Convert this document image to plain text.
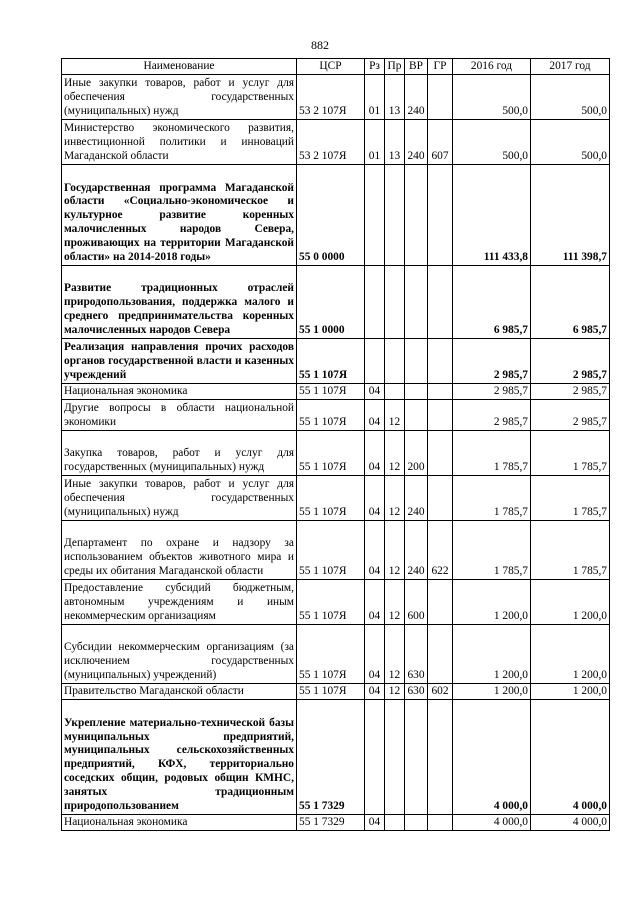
882
Наименование	ЦСР	Рз	Пр	ВР	ГР	2016 год	2017 год
Иные закупки товаров, работ и услуг для обеспечения государственных (муниципальных) нужд	53 2 107Я	01	13	240		500,0	500,0
Министерство экономического развития, инвестиционной политики и инноваций Магаданской области	53 2 107Я	01	13	240	607	500,0	500,0
Государственная программа Магаданской области «Социально-экономическое и культурное развитие коренных малочисленных народов Севера, проживающих на территории Магаданской области» на 2014-2018 годы»	55 0 0000					111 433,8	111 398,7
Развитие традиционных отраслей природопользования, поддержка малого и среднего предпринимательства коренных малочисленных народов Севера	55 1 0000					6 985,7	6 985,7
Реализация направления прочих расходов органов государственной власти и казенных учреждений	55 1 107Я					2 985,7	2 985,7
Национальная экономика	55 1 107Я	04				2 985,7	2 985,7
Другие вопросы в области национальной экономики	55 1 107Я	04	12			2 985,7	2 985,7
Закупка товаров, работ и услуг для государственных (муниципальных) нужд	55 1 107Я	04	12	200		1 785,7	1 785,7
Иные закупки товаров, работ и услуг для обеспечения государственных (муниципальных) нужд	55 1 107Я	04	12	240		1 785,7	1 785,7
Департамент по охране и надзору за использованием объектов животного мира и среды их обитания Магаданской области	55 1 107Я	04	12	240	622	1 785,7	1 785,7
Предоставление субсидий бюджетным, автономным учреждениям и иным некоммерческим организациям	55 1 107Я	04	12	600		1 200,0	1 200,0
Субсидии некоммерческим организациям (за исключением государственных (муниципальных) учреждений)	55 1 107Я	04	12	630		1 200,0	1 200,0
Правительство Магаданской области	55 1 107Я	04	12	630	602	1 200,0	1 200,0
Укрепление материально-технической базы муниципальных предприятий, муниципальных сельскохозяйственных предприятий, КФХ, территориально соседских общин, родовых общин КМНС, занятых традиционным природопользованием	55 1 7329					4 000,0	4 000,0
Национальная экономика	55 1 7329	04				4 000,0	4 000,0
